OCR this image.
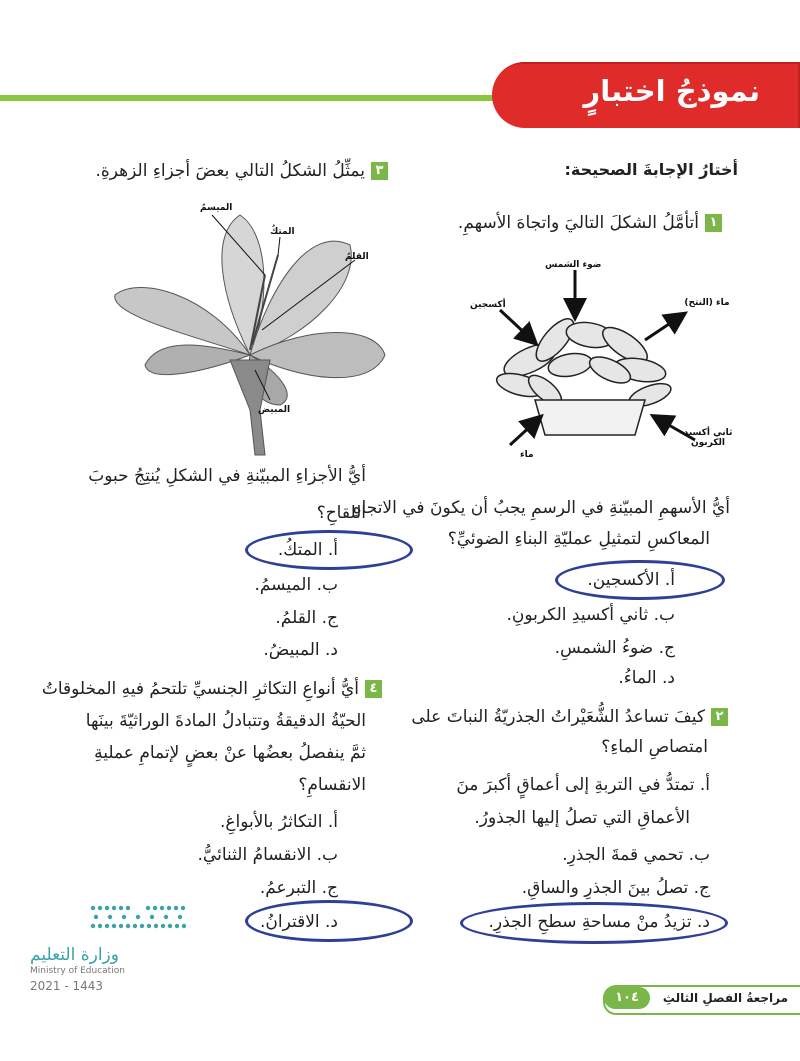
نموذجُ اختبارٍ
أختارُ الإجابةَ الصحيحة:
١أتأمَّلُ الشكلَ التاليَ واتجاهَ الأسهمِ.
ضوء الشمس
أكسجين	ماء (النتح)
ثاني أكسيد الكربون
ماء
أيُّ الأسهمِ المبيّنةِ في الرسمِ يجبُ أن يكونَ في الاتجاهِ
المعاكسِ لتمثيلِ عمليّةِ البناءِ الضوئيِّ؟
أ. الأكسجين.
ب. ثاني أكسيدِ الكربونِ.
ج. ضوءُ الشمسِ.
د. الماءُ.
٢كيفَ تساعدُ الشُّعَيْراتُ الجذريّةُ النباتَ على
امتصاصِ الماءِ؟
أ. تمتدُّ في التربةِ إلى أعماقٍ أكبرَ منَ
الأعماقِ التي تصلُ إليها الجذورُ.
ب. تحمي قمةَ الجذرِ.
ج. تصلُ بينَ الجذرِ والساقِ.
د. تزيدُ منْ مساحةِ سطحِ الجذرِ.
٣يمثِّلُ الشكلُ التالي بعضَ أجزاءِ الزهرةِ.
الميسمُ
المتكُ
القلمُ
المبيض
أيُّ الأجزاءِ المبيّنةِ في الشكلِ يُنتِجُ حبوبَ
اللقاحِ؟
أ. المتكُ.
ب. الميسمُ.
ج. القلمُ.
د. المبيضُ.
٤أيُّ أنواعِ التكاثرِ الجنسيِّ تلتحمُ فيهِ المخلوقاتُ
الحيّةُ الدقيقةُ وتتبادلُ المادةَ الوراثيّةَ بينَها
ثمَّ ينفصلُ بعضُها عنْ بعضٍ لإتمامِ عمليةِ
الانقسامِ؟
أ. التكاثرُ بالأبواغِ.
ب. الانقسامُ الثنائيُّ.
ج. التبرعمُ.
د. الاقترانُ.
وزارة التعليم
Ministry of Education
2021 - 1443
١٠٤	مراجعةُ الفصلِ الثالثِ
